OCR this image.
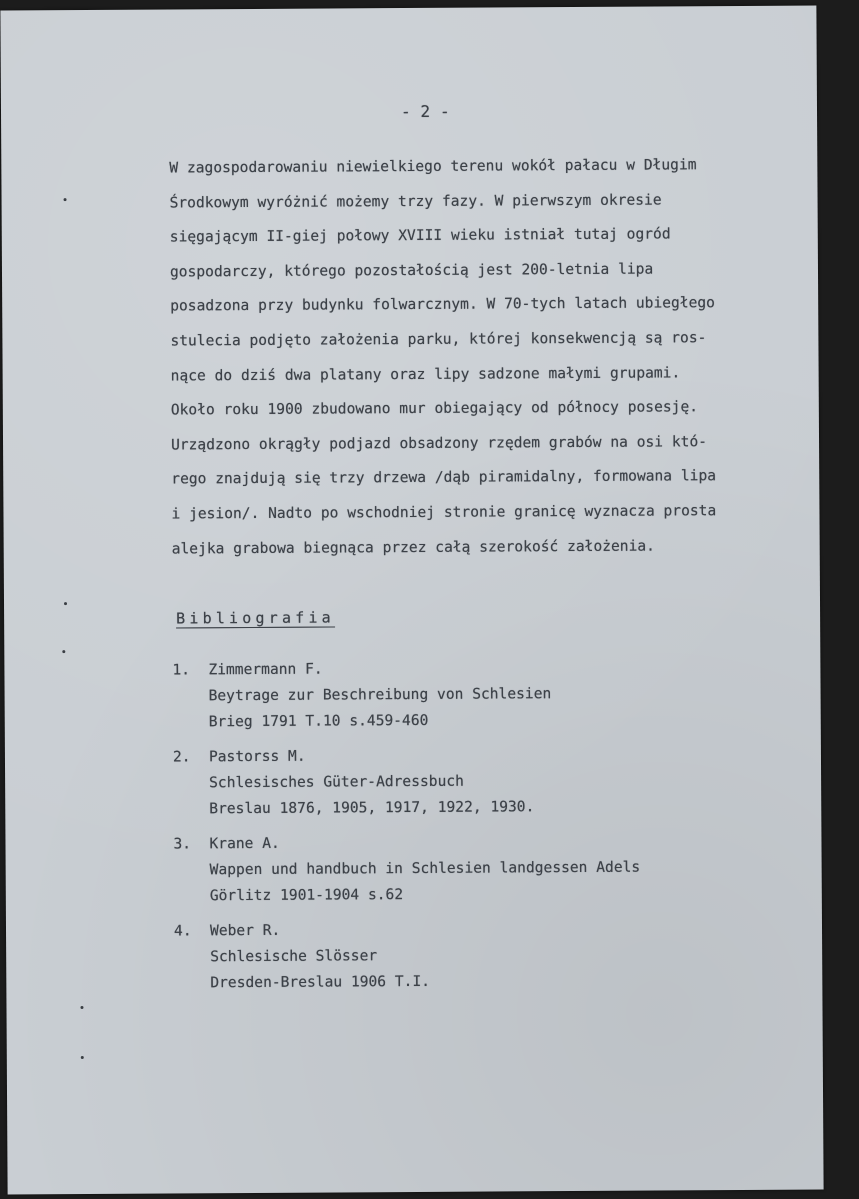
- 2 -
W zagospodarowaniu niewielkiego terenu wokół pałacu w Długim
Środkowym wyróżnić możemy trzy fazy. W pierwszym okresie
sięgającym II-giej połowy XVIII wieku istniał tutaj ogród
gospodarczy, którego pozostałością jest 200-letnia lipa
posadzona przy budynku folwarcznym. W 70-tych latach ubiegłego
stulecia podjęto założenia parku, której konsekwencją są ros-
nące do dziś dwa platany oraz lipy sadzone małymi grupami.
Około roku 1900 zbudowano mur obiegający od północy posesję.
Urządzono okrągły podjazd obsadzony rzędem grabów na osi któ-
rego znajdują się trzy drzewa /dąb piramidalny, formowana lipa
i jesion/. Nadto po wschodniej stronie granicę wyznacza prosta
alejka grabowa biegnąca przez całą szerokość założenia.
Bibliografia
1. Zimmermann F.
Beytrage zur Beschreibung von Schlesien
Brieg 1791 T.10 s.459-460
2. Pastorss M.
Schlesisches Güter-Adressbuch
Breslau 1876, 1905, 1917, 1922, 1930.
3. Krane A.
Wappen und handbuch in Schlesien landgessen Adels
Görlitz 1901-1904 s.62
4. Weber R.
Schlesische Slösser
Dresden-Breslau 1906 T.I.
